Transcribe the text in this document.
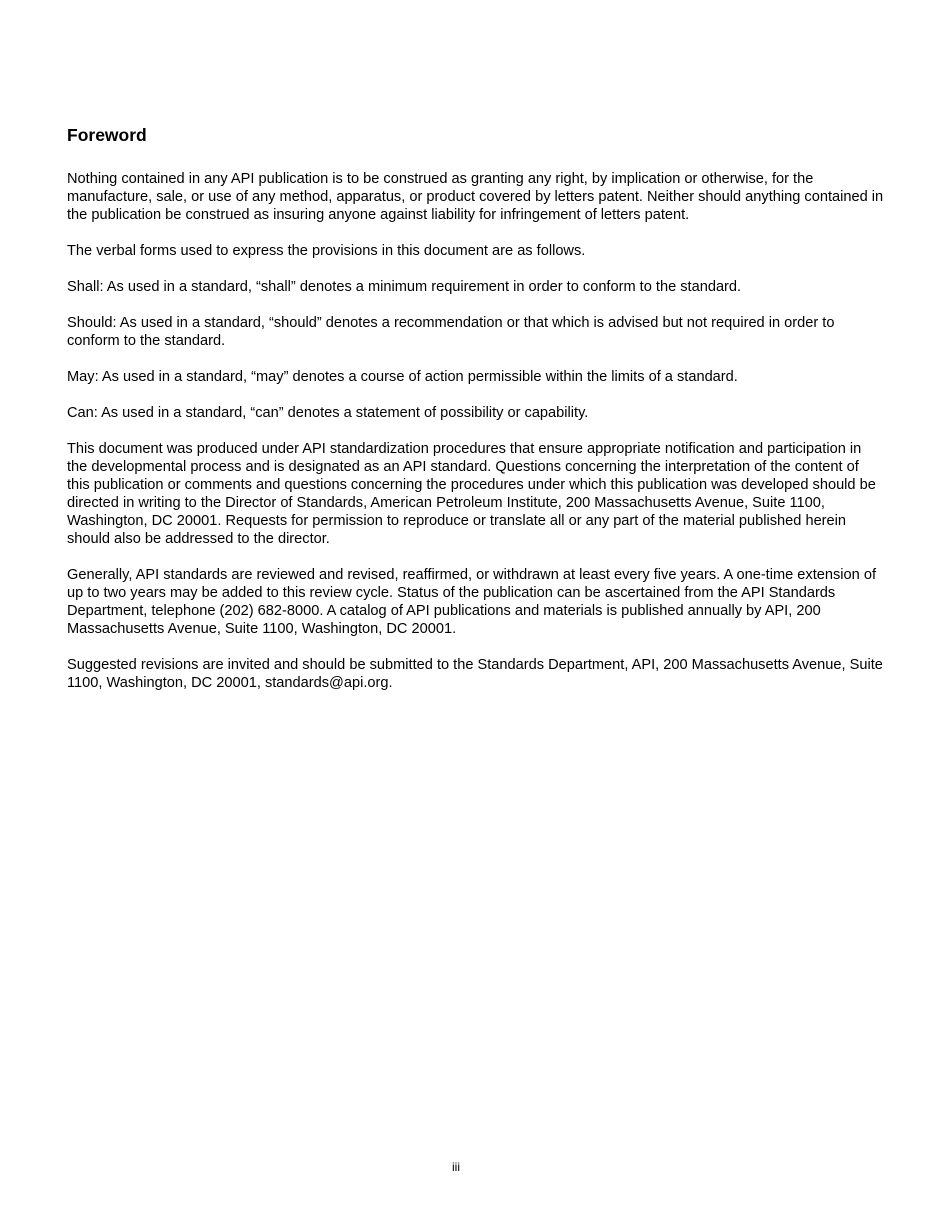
Foreword

Nothing contained in any API publication is to be construed as granting any right, by implication or otherwise, for the manufacture, sale, or use of any method, apparatus, or product covered by letters patent. Neither should anything contained in the publication be construed as insuring anyone against liability for infringement of letters patent.

The verbal forms used to express the provisions in this document are as follows.

Shall: As used in a standard, “shall” denotes a minimum requirement in order to conform to the standard.

Should: As used in a standard, “should” denotes a recommendation or that which is advised but not required in order to conform to the standard.

May: As used in a standard, “may” denotes a course of action permissible within the limits of a standard.

Can: As used in a standard, “can” denotes a statement of possibility or capability.

This document was produced under API standardization procedures that ensure appropriate notification and participation in the developmental process and is designated as an API standard. Questions concerning the interpretation of the content of this publication or comments and questions concerning the procedures under which this publication was developed should be directed in writing to the Director of Standards, American Petroleum Institute, 200 Massachusetts Avenue, Suite 1100, Washington, DC 20001. Requests for permission to reproduce or translate all or any part of the material published herein should also be addressed to the director.

Generally, API standards are reviewed and revised, reaffirmed, or withdrawn at least every five years. A one-time extension of up to two years may be added to this review cycle. Status of the publication can be ascertained from the API Standards Department, telephone (202) 682-8000. A catalog of API publications and materials is published annually by API, 200 Massachusetts Avenue, Suite 1100, Washington, DC 20001.

Suggested revisions are invited and should be submitted to the Standards Department, API, 200 Massachusetts Avenue, Suite 1100, Washington, DC 20001, standards@api.org.

iii
